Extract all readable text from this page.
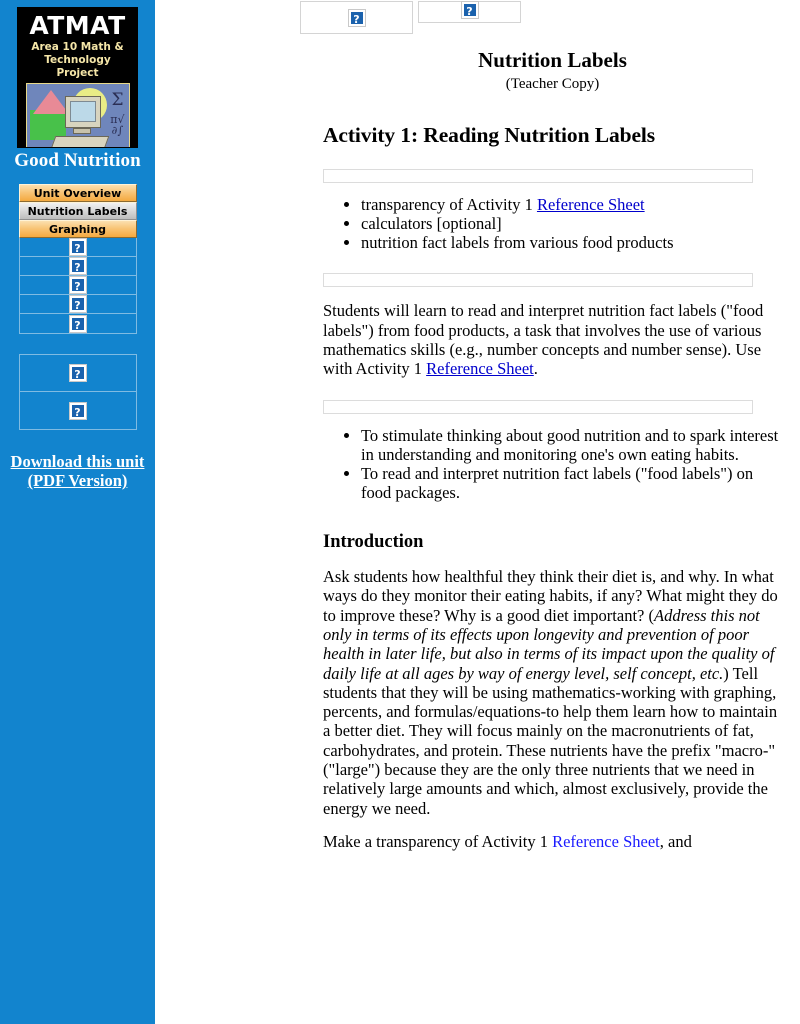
ATMAT
Area 10 Math &
Technology Project
Σ
π√
∂∫
Good Nutrition
Unit Overview
Nutrition Labels
Graphing
?
?
?
?
?
?
?
Download this unit
(PDF Version)
?
?
Nutrition Labels
(Teacher Copy)
Activity 1: Reading Nutrition Labels
• transparency of Activity 1 Reference Sheet
• calculators [optional]
• nutrition fact labels from various food products

Students will learn to read and interpret nutrition fact labels ("food labels") from food products, a task that involves the use of various mathematics skills (e.g., number concepts and number sense). Use with Activity 1 Reference Sheet.

• To stimulate thinking about good nutrition and to spark interest in understanding and monitoring one's own eating habits.
• To read and interpret nutrition fact labels ("food labels") on food packages.
Introduction

Ask students how healthful they think their diet is, and why. In what ways do they monitor their eating habits, if any? What might they do to improve these? Why is a good diet important? (Address this not only in terms of its effects upon longevity and prevention of poor health in later life, but also in terms of its impact upon the quality of daily life at all ages by way of energy level, self concept, etc.) Tell students that they will be using mathematics-working with graphing, percents, and formulas/equations-to help them learn how to maintain a better diet. They will focus mainly on the macronutrients of fat, carbohydrates, and protein. These nutrients have the prefix "macro-" ("large") because they are the only three nutrients that we need in relatively large amounts and which, almost exclusively, provide the energy we need.

Make a transparency of Activity 1 Reference Sheet, and
